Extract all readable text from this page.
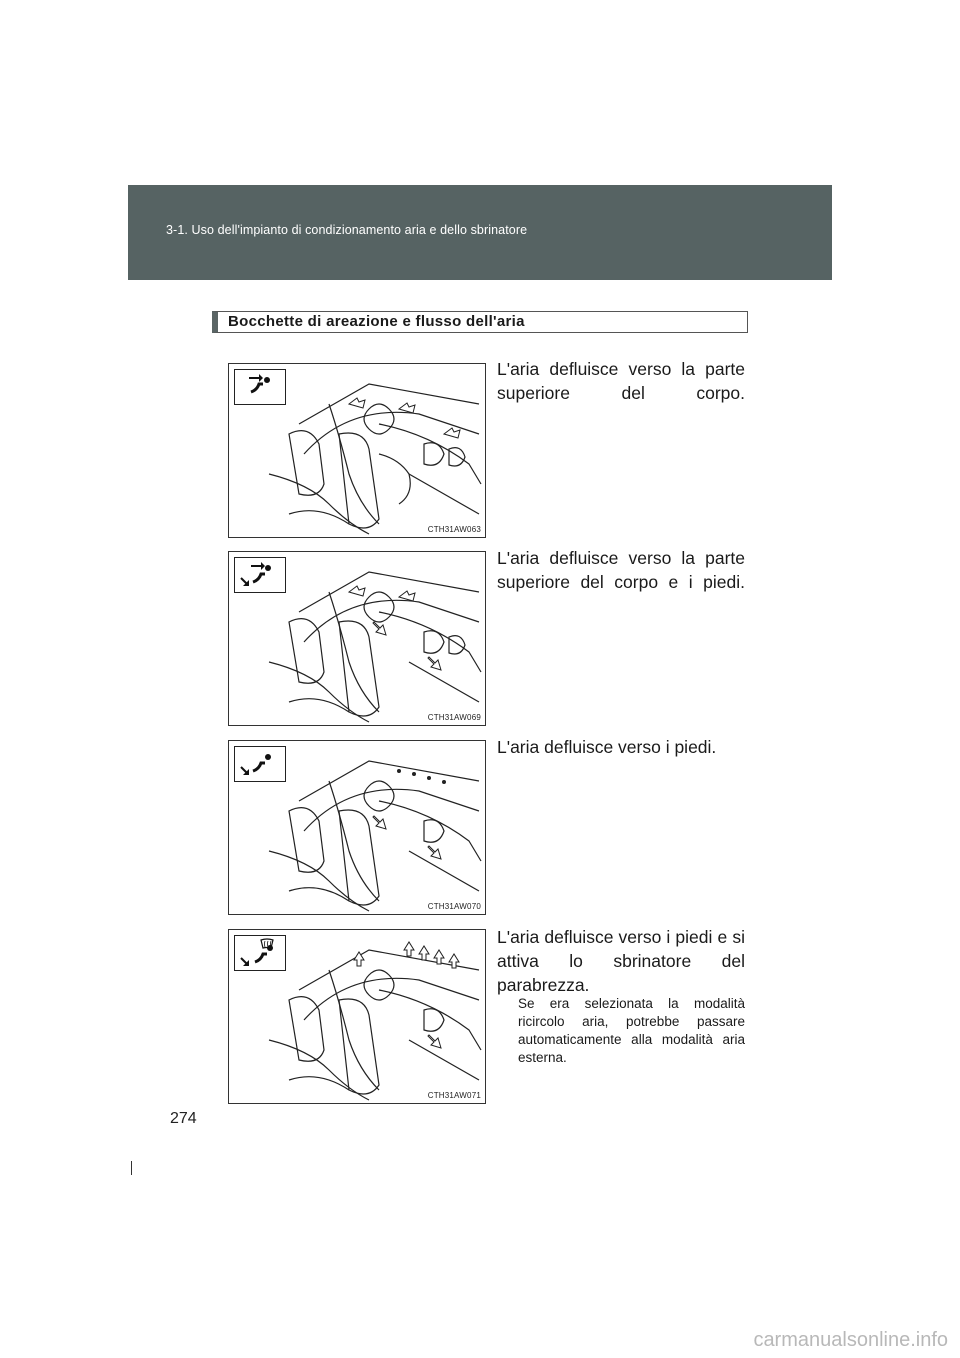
3-1. Uso dell'impianto di condizionamento aria e dello sbrinatore
Bocchette di areazione e flusso dell'aria
CTH31AW063
L'aria defluisce verso la parte superiore del corpo.
CTH31AW069
L'aria defluisce verso la parte superiore del corpo e i piedi.
CTH31AW070
L'aria defluisce verso i piedi.
CTH31AW071
L'aria defluisce verso i piedi e si attiva lo sbrinatore del parabrezza.
Se era selezionata la modalità ricircolo aria, potrebbe passare automaticamente alla modalità aria esterna.
274
carmanualsonline.info
